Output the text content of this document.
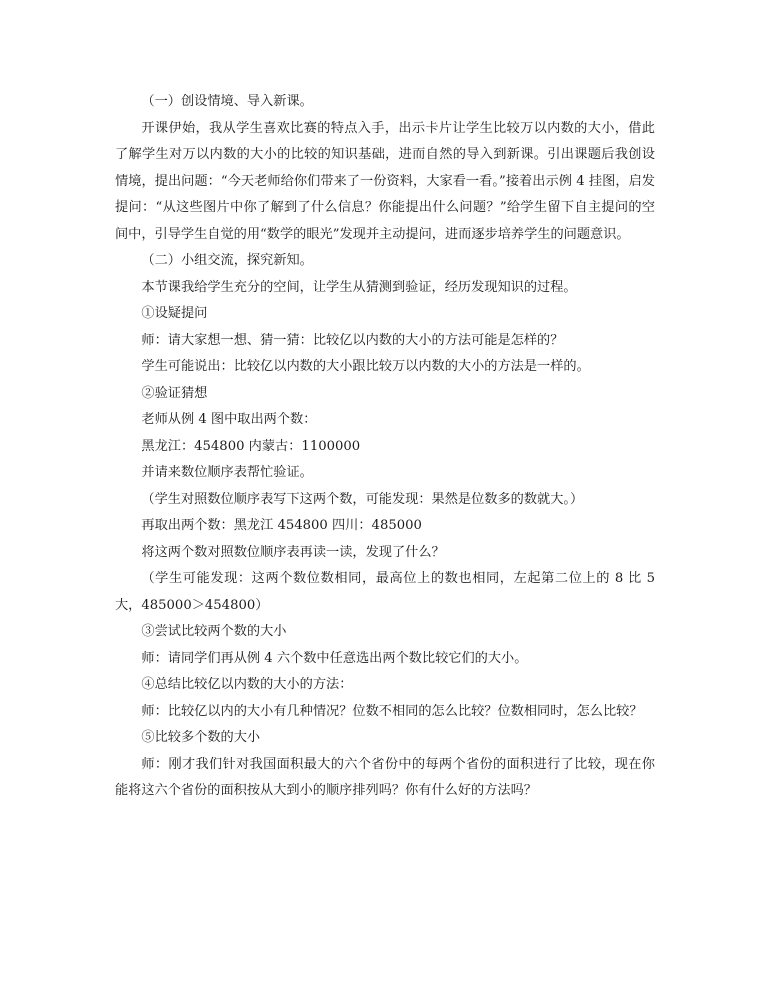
（一）创设情境、导入新课。

开课伊始，我从学生喜欢比赛的特点入手，出示卡片让学生比较万以内数的大小，借此了解学生对万以内数的大小的比较的知识基础，进而自然的导入到新课。引出课题后我创设情境，提出问题：“今天老师给你们带来了一份资料，大家看一看。”接着出示例 4 挂图，启发提问：“从这些图片中你了解到了什么信息？你能提出什么问题？”给学生留下自主提问的空间中，引导学生自觉的用“数学的眼光”发现并主动提问，进而逐步培养学生的问题意识。

（二）小组交流，探究新知。

本节课我给学生充分的空间，让学生从猜测到验证，经历发现知识的过程。

①设疑提问

师：请大家想一想、猜一猜：比较亿以内数的大小的方法可能是怎样的？

学生可能说出：比较亿以内数的大小跟比较万以内数的大小的方法是一样的。

②验证猜想

老师从例 4 图中取出两个数：

黑龙江：454800 内蒙古：1100000

并请来数位顺序表帮忙验证。

（学生对照数位顺序表写下这两个数，可能发现：果然是位数多的数就大。）

再取出两个数：黑龙江 454800 四川：485000

将这两个数对照数位顺序表再读一读，发现了什么？

（学生可能发现：这两个数位数相同，最高位上的数也相同，左起第二位上的 8 比 5 大，485000＞454800）

③尝试比较两个数的大小

师：请同学们再从例 4 六个数中任意选出两个数比较它们的大小。

④总结比较亿以内数的大小的方法：

师：比较亿以内的大小有几种情况？位数不相同的怎么比较？位数相同时，怎么比较？

⑤比较多个数的大小

师：刚才我们针对我国面积最大的六个省份中的每两个省份的面积进行了比较，现在你能将这六个省份的面积按从大到小的顺序排列吗？你有什么好的方法吗？
